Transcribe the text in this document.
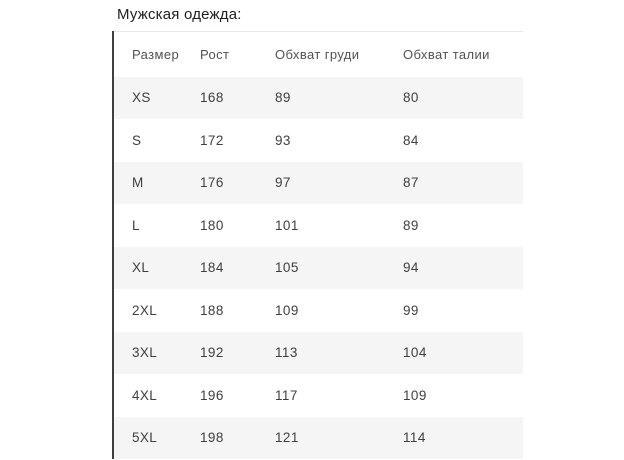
Мужская одежда:
Размер	Рост	Обхват груди	Обхват талии
XS	168	89	80
S	172	93	84
M	176	97	87
L	180	101	89
XL	184	105	94
2XL	188	109	99
3XL	192	113	104
4XL	196	117	109
5XL	198	121	114
